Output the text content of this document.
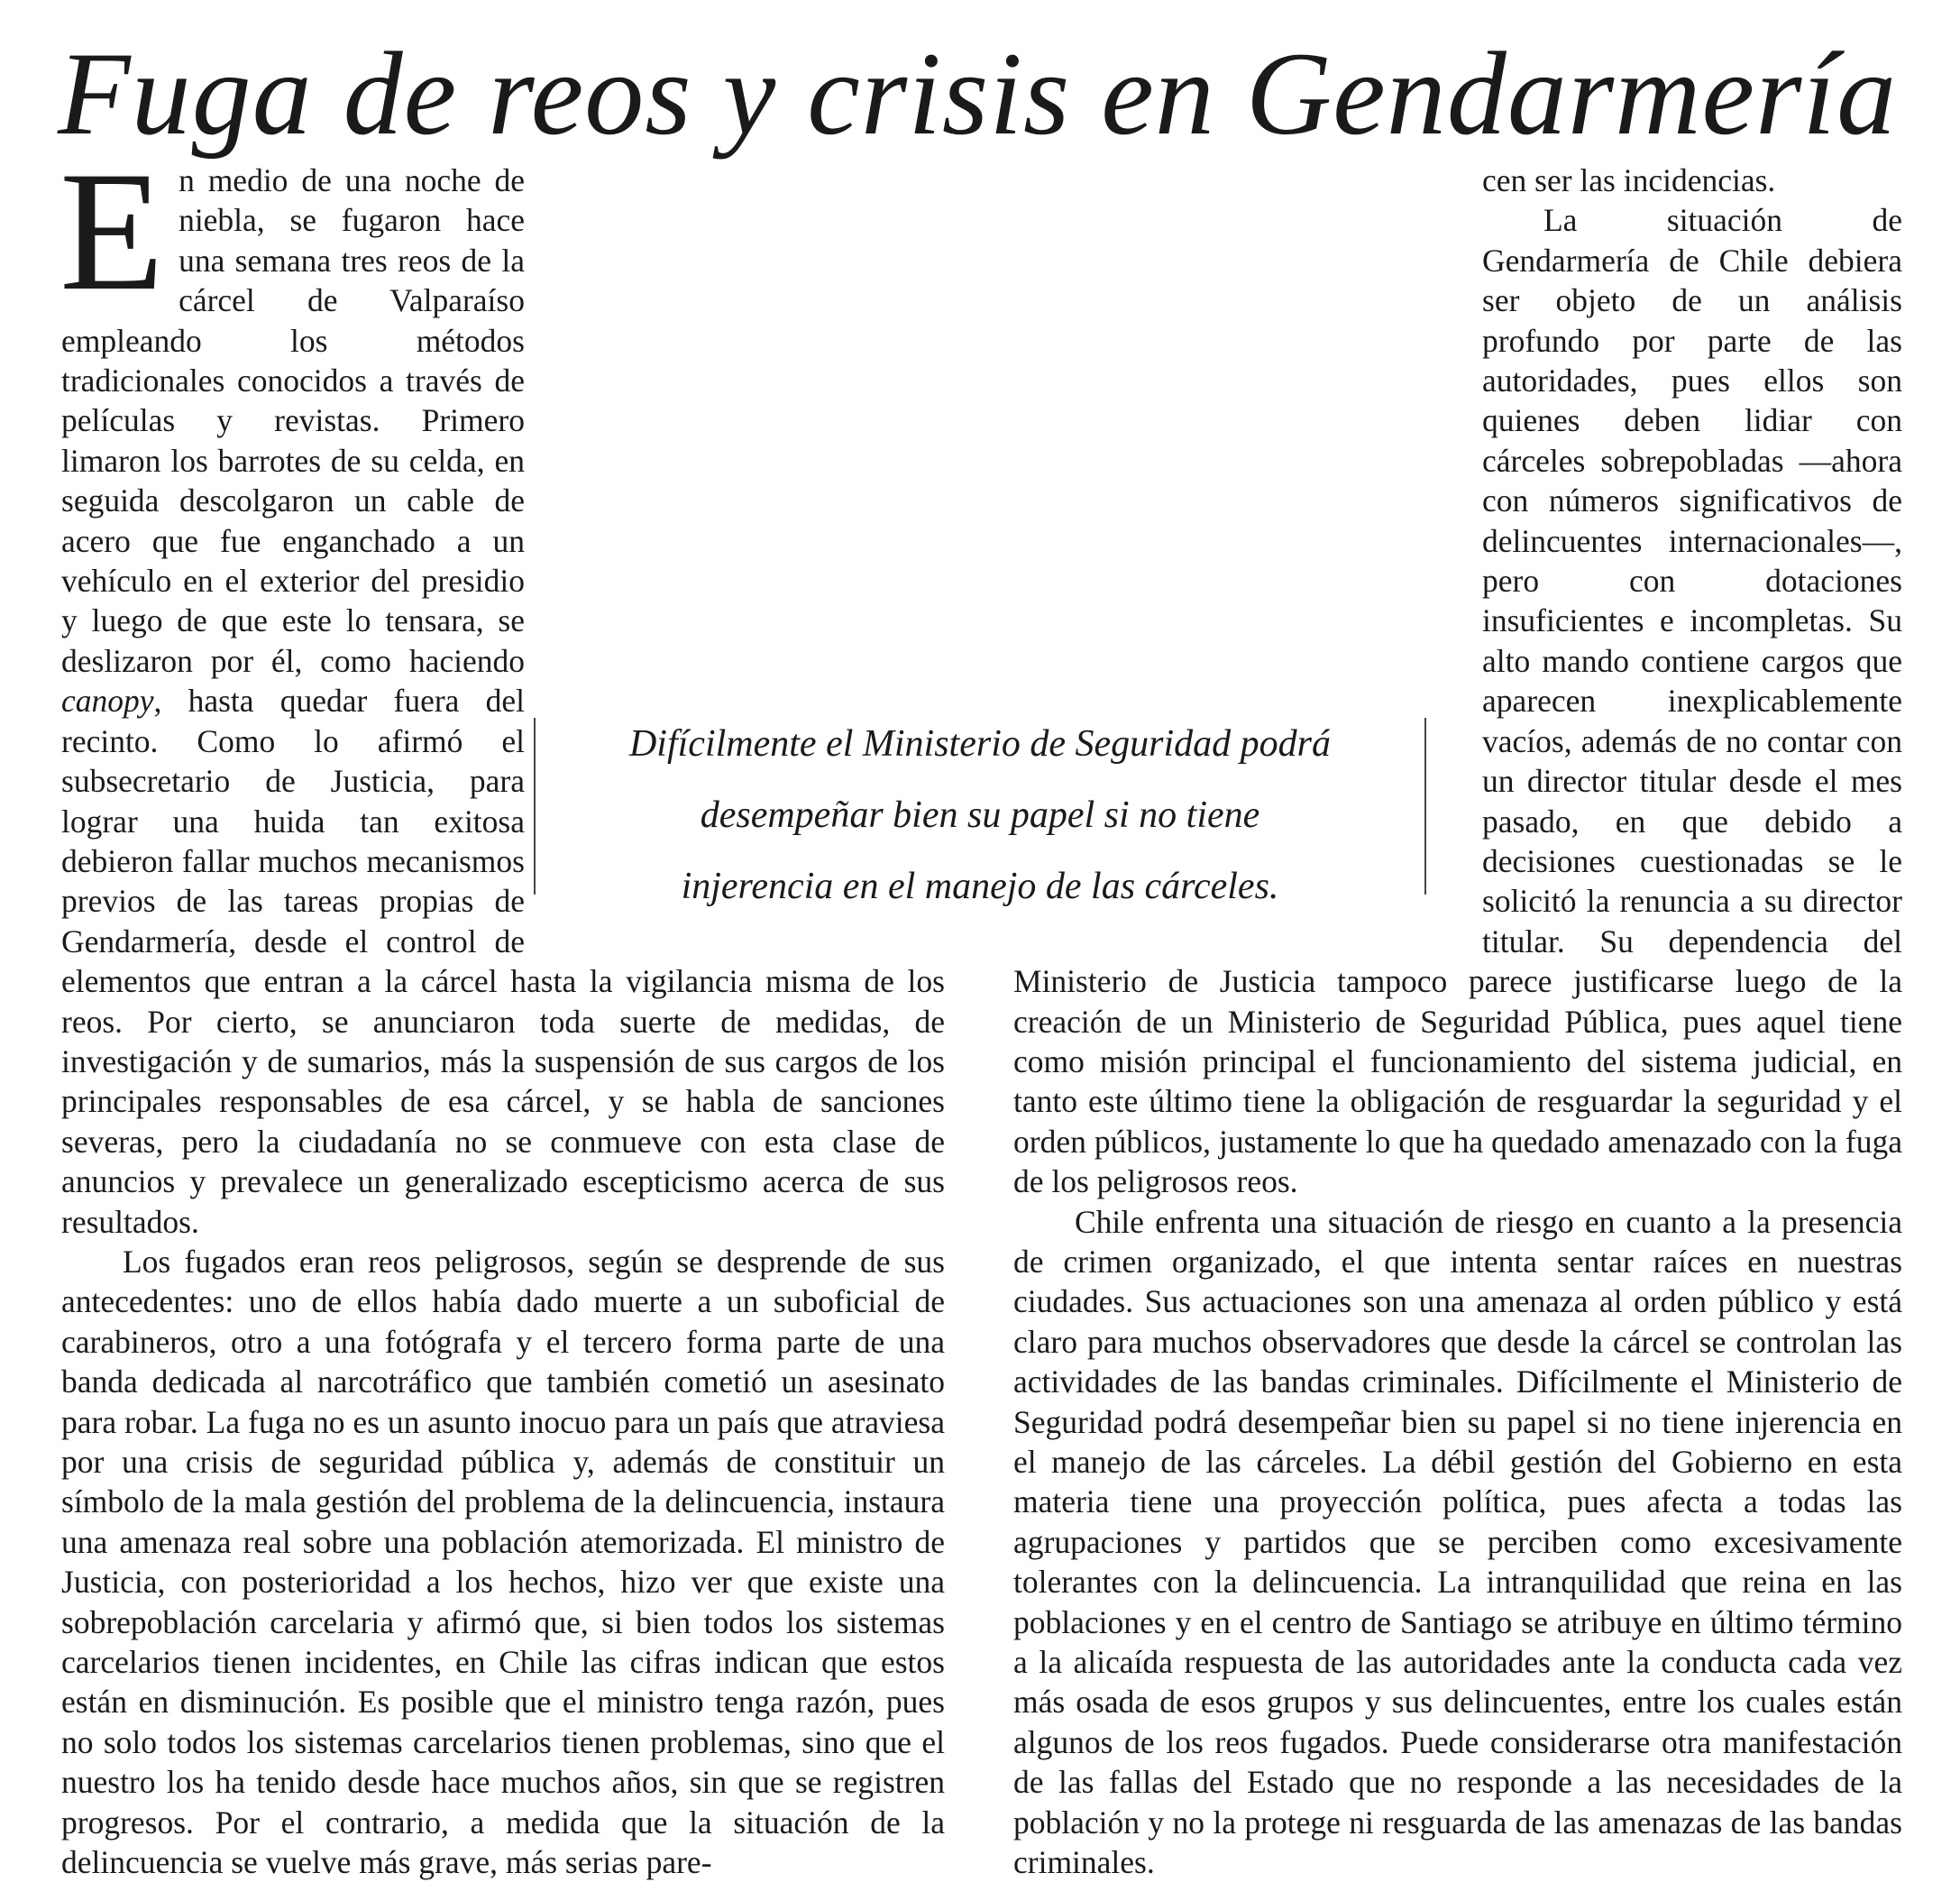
Fuga de reos y crisis en Gendarmería

En medio de una noche de niebla, se fugaron hace una semana tres reos de la cárcel de Valparaíso empleando los métodos tradicionales conocidos a través de películas y revistas. Primero limaron los barrotes de su celda, en seguida descolgaron un cable de acero que fue enganchado a un vehículo en el exterior del presidio y luego de que este lo tensara, se deslizaron por él, como haciendo canopy, hasta quedar fuera del recinto. Como lo afirmó el subsecretario de Justicia, para lograr una huida tan exitosa debieron fallar muchos mecanismos previos de las tareas propias de Gendarmería, desde el control de elementos que entran a la cárcel hasta la vigilancia misma de los reos. Por cierto, se anunciaron toda suerte de medidas, de investigación y de sumarios, más la suspensión de sus cargos de los principales responsables de esa cárcel, y se habla de sanciones severas, pero la ciudadanía no se conmueve con esta clase de anuncios y prevalece un generalizado escepticismo acerca de sus resultados.

Los fugados eran reos peligrosos, según se desprende de sus antecedentes: uno de ellos había dado muerte a un suboficial de carabineros, otro a una fotógrafa y el tercero forma parte de una banda dedicada al narcotráfico que también cometió un asesinato para robar. La fuga no es un asunto inocuo para un país que atraviesa por una crisis de seguridad pública y, además de constituir un símbolo de la mala gestión del problema de la delincuencia, instaura una amenaza real sobre una población atemorizada. El ministro de Justicia, con posterioridad a los hechos, hizo ver que existe una sobrepoblación carcelaria y afirmó que, si bien todos los sistemas carcelarios tienen incidentes, en Chile las cifras indican que estos están en disminución. Es posible que el ministro tenga razón, pues no solo todos los sistemas carcelarios tienen problemas, sino que el nuestro los ha tenido desde hace muchos años, sin que se registren progresos. Por el contrario, a medida que la situación de la delincuencia se vuelve más grave, más serias pare-

cen ser las incidencias.

La situación de Gendarmería de Chile debiera ser objeto de un análisis profundo por parte de las autoridades, pues ellos son quienes deben lidiar con cárceles sobrepobladas —ahora con números significativos de delincuentes internacionales—, pero con dotaciones insuficientes e incompletas. Su alto mando contiene cargos que aparecen inexplicablemente vacíos, además de no contar con un director titular desde el mes pasado, en que debido a decisiones cuestionadas se le solicitó la renuncia a su director titular. Su dependencia del Ministerio de Justicia tampoco parece justificarse luego de la creación de un Ministerio de Seguridad Pública, pues aquel tiene como misión principal el funcionamiento del sistema judicial, en tanto este último tiene la obligación de resguardar la seguridad y el orden públicos, justamente lo que ha quedado amenazado con la fuga de los peligrosos reos.

Chile enfrenta una situación de riesgo en cuanto a la presencia de crimen organizado, el que intenta sentar raíces en nuestras ciudades. Sus actuaciones son una amenaza al orden público y está claro para muchos observadores que desde la cárcel se controlan las actividades de las bandas criminales. Difícilmente el Ministerio de Seguridad podrá desempeñar bien su papel si no tiene injerencia en el manejo de las cárceles. La débil gestión del Gobierno en esta materia tiene una proyección política, pues afecta a todas las agrupaciones y partidos que se perciben como excesivamente tolerantes con la delincuencia. La intranquilidad que reina en las poblaciones y en el centro de Santiago se atribuye en último término a la alicaída respuesta de las autoridades ante la conducta cada vez más osada de esos grupos y sus delincuentes, entre los cuales están algunos de los reos fugados. Puede considerarse otra manifestación de las fallas del Estado que no responde a las necesidades de la población y no la protege ni resguarda de las amenazas de las bandas criminales.

Difícilmente el Ministerio de Seguridad podrá
desempeñar bien su papel si no tiene
injerencia en el manejo de las cárceles.
